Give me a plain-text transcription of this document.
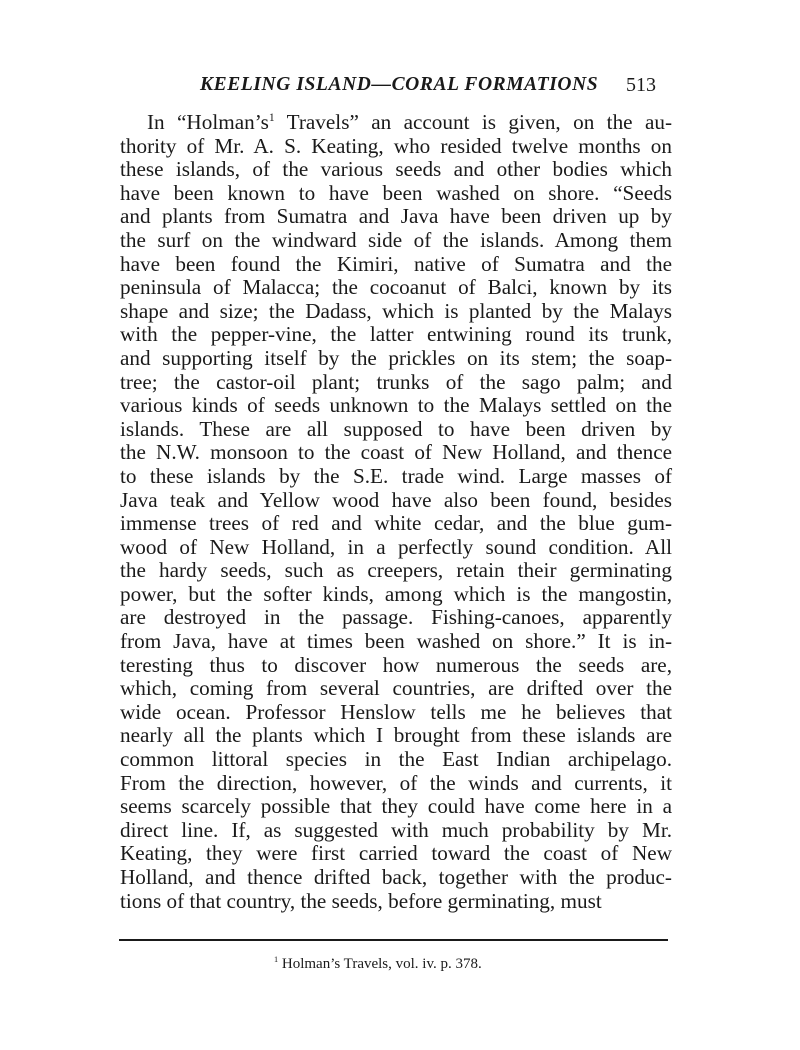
KEELING ISLAND—CORAL FORMATIONS 513
In “$Holman’s^1$ Travels” an account is given, on the au-
thority of Mr. A. S. Keating, who resided twelve months on
these islands, of the various seeds and other bodies which
have been known to have been washed on shore. “Seeds
and plants from Sumatra and Java have been driven up by
the surf on the windward side of the islands. Among them
have been found the Kimiri, native of Sumatra and the
peninsula of Malacca; the cocoanut of Balci, known by its
shape and size; the Dadass, which is planted by the Malays
with the pepper-vine, the latter entwining round its trunk,
and supporting itself by the prickles on its stem; the soap-
tree; the castor-oil plant; trunks of the sago palm; and
various kinds of seeds unknown to the Malays settled on the
islands. These are all supposed to have been driven by
the N.W. monsoon to the coast of New Holland, and thence
to these islands by the S.E. trade wind. Large masses of
Java teak and Yellow wood have also been found, besides
immense trees of red and white cedar, and the blue gum-
wood of New Holland, in a perfectly sound condition. All
the hardy seeds, such as creepers, retain their germinating
power, but the softer kinds, among which is the mangostin,
are destroyed in the passage. Fishing-canoes, apparently
from Java, have at times been washed on shore.” It is in-
teresting thus to discover how numerous the seeds are,
which, coming from several countries, are drifted over the
wide ocean. Professor Henslow tells me he believes that
nearly all the plants which I brought from these islands are
common littoral species in the East Indian archipelago.
From the direction, however, of the winds and currents, it
seems scarcely possible that they could have come here in a
direct line. If, as suggested with much probability by Mr.
Keating, they were first carried toward the coast of New
Holland, and thence drifted back, together with the produc-
tions of that country, the seeds, before germinating, must
$^1$ Holman’s Travels, vol. iv. p. 378.
